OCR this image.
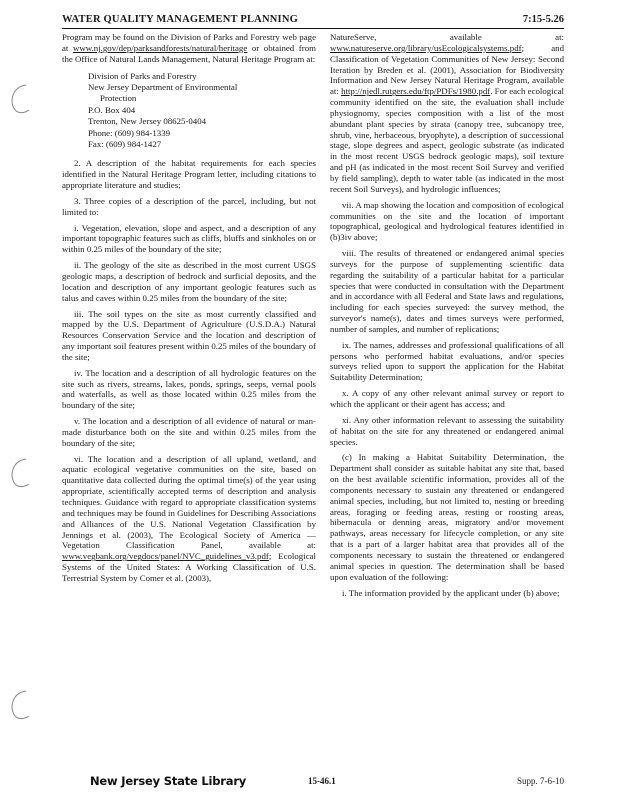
WATER QUALITY MANAGEMENT PLANNING	7:15-5.26

Program may be found on the Division of Parks and Forestry web page at www.nj.gov/dep/parksandforests/natural/heritage or obtained from the Office of Natural Lands Management, Natural Heritage Program at:

Division of Parks and Forestry
New Jersey Department of Environmental
Protection
P.O. Box 404
Trenton, New Jersey 08625-0404
Phone: (609) 984-1339
Fax: (609) 984-1427

2. A description of the habitat requirements for each species identified in the Natural Heritage Program letter, including citations to appropriate literature and studies;

3. Three copies of a description of the parcel, including, but not limited to:

i. Vegetation, elevation, slope and aspect, and a description of any important topographic features such as cliffs, bluffs and sinkholes on or within 0.25 miles of the boundary of the site;

ii. The geology of the site as described in the most current USGS geologic maps, a description of bedrock and surficial deposits, and the location and description of any important geologic features such as talus and caves within 0.25 miles from the boundary of the site;

iii. The soil types on the site as most currently classified and mapped by the U.S. Department of Agriculture (U.S.D.A.) Natural Resources Conservation Service and the location and description of any important soil features present within 0.25 miles of the boundary of the site;

iv. The location and a description of all hydrologic features on the site such as rivers, streams, lakes, ponds, springs, seeps, vernal pools and waterfalls, as well as those located within 0.25 miles from the boundary of the site;

v. The location and a description of all evidence of natural or man-made disturbance both on the site and within 0.25 miles from the boundary of the site;

vi. The location and a description of all upland, wetland, and aquatic ecological vegetative communities on the site, based on quantitative data collected during the optimal time(s) of the year using appropriate, scientifically accepted terms of description and analysis techniques. Guidance with regard to appropriate classification systems and techniques may be found in Guidelines for Describing Associations and Alliances of the U.S. National Vegetation Classification by Jennings et al. (2003), The Ecological Society of America — Vegetation Classification Panel, available at: www.vegbank.org/vegdocs/panel/NVC_guidelines_v3.pdf; Ecological Systems of the United States: A Working Classification of U.S. Terrestrial System by Comer et al. (2003),

NatureServe, available at: www.natureserve.org/library/usEcologicalsystems.pdf; and Classification of Vegetation Communities of New Jersey: Second Iteration by Breden et al. (2001), Association for Biodiversity Information and New Jersey Natural Heritage Program, available at: http://njedl.rutgers.edu/ftp/PDFs/1980.pdf. For each ecological community identified on the site, the evaluation shall include physiognomy, species composition with a list of the most abundant plant species by strata (canopy tree, subcanopy tree, shrub, vine, herbaceous, bryophyte), a description of successional stage, slope degrees and aspect, geologic substrate (as indicated in the most recent USGS bedrock geologic maps), soil texture and pH (as indicated in the most recent Soil Survey and verified by field sampling), depth to water table (as indicated in the most recent Soil Surveys), and hydrologic influences;

vii. A map showing the location and composition of ecological communities on the site and the location of important topographical, geological and hydrological features identified in (b)3iv above;

viii. The results of threatened or endangered animal species surveys for the purpose of supplementing scientific data regarding the suitability of a particular habitat for a particular species that were conducted in consultation with the Department and in accordance with all Federal and State laws and regulations, including for each species surveyed: the survey method, the surveyor's name(s), dates and times surveys were performed, number of samples, and number of replications;

ix. The names, addresses and professional qualifications of all persons who performed habitat evaluations, and/or species surveys relied upon to support the application for the Habitat Suitability Determination;

x. A copy of any other relevant animal survey or report to which the applicant or their agent has access; and

xi. Any other information relevant to assessing the suitability of habitat on the site for any threatened or endangered animal species.

(c) In making a Habitat Suitability Determination, the Department shall consider as suitable habitat any site that, based on the best available scientific information, provides all of the components necessary to sustain any threatened or endangered animal species, including, but not limited to, nesting or breeding areas, foraging or feeding areas, resting or roosting areas, hibernacula or denning areas, migratory and/or movement pathways, areas necessary for lifecycle completion, or any site that is a part of a larger habitat area that provides all of the components necessary to sustain the threatened or endangered animal species in question. The determination shall be based upon evaluation of the following:

i. The information provided by the applicant under (b) above;

New Jersey State Library	15-46.1	Supp. 7-6-10
